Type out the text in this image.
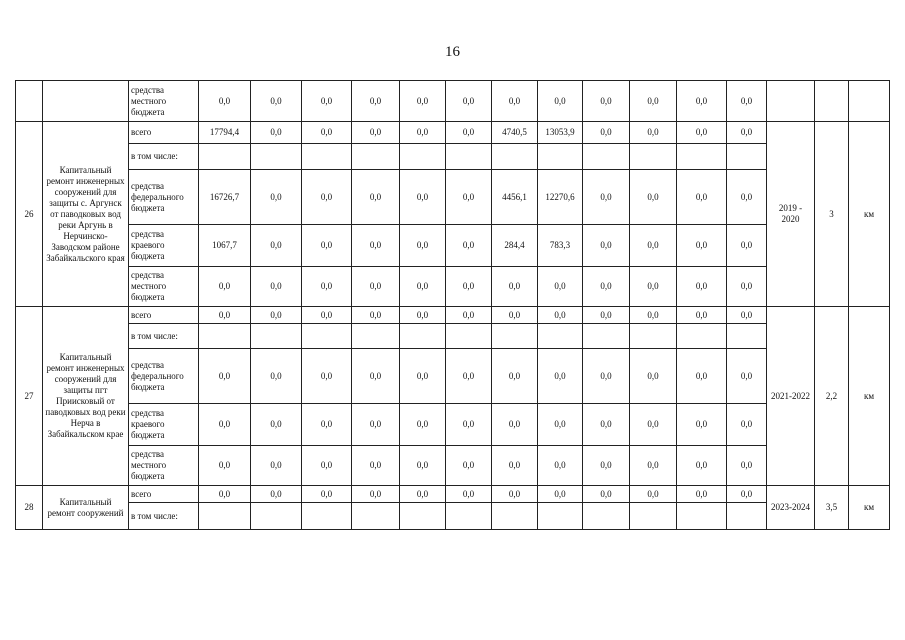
16
		средства местного бюджета	0,0	0,0	0,0	0,0	0,0	0,0	0,0	0,0	0,0	0,0	0,0	0,0			
26	Капитальный ремонт инженерных сооружений для защиты с. Аргунск от паводковых вод реки Аргунь в Нерчинско-Заводском районе Забайкальского края	всего	17794,4	0,0	0,0	0,0	0,0	0,0	4740,5	13053,9	0,0	0,0	0,0	0,0	2019 - 2020	3	км
		в том числе:															
		средства федерального бюджета	16726,7	0,0	0,0	0,0	0,0	0,0	4456,1	12270,6	0,0	0,0	0,0	0,0			
		средства краевого бюджета	1067,7	0,0	0,0	0,0	0,0	0,0	284,4	783,3	0,0	0,0	0,0	0,0			
		средства местного бюджета	0,0	0,0	0,0	0,0	0,0	0,0	0,0	0,0	0,0	0,0	0,0	0,0			
27	Капитальный ремонт инженерных сооружений для защиты пгт Приисковый от паводковых вод реки Нерча в Забайкальском крае	всего	0,0	0,0	0,0	0,0	0,0	0,0	0,0	0,0	0,0	0,0	0,0	0,0	2021-2022	2,2	км
		в том числе:															
		средства федерального бюджета	0,0	0,0	0,0	0,0	0,0	0,0	0,0	0,0	0,0	0,0	0,0	0,0			
		средства краевого бюджета	0,0	0,0	0,0	0,0	0,0	0,0	0,0	0,0	0,0	0,0	0,0	0,0			
		средства местного бюджета	0,0	0,0	0,0	0,0	0,0	0,0	0,0	0,0	0,0	0,0	0,0	0,0			
28	Капитальный ремонт сооружений	всего	0,0	0,0	0,0	0,0	0,0	0,0	0,0	0,0	0,0	0,0	0,0	0,0	2023-2024	3,5	км
		в том числе:															
